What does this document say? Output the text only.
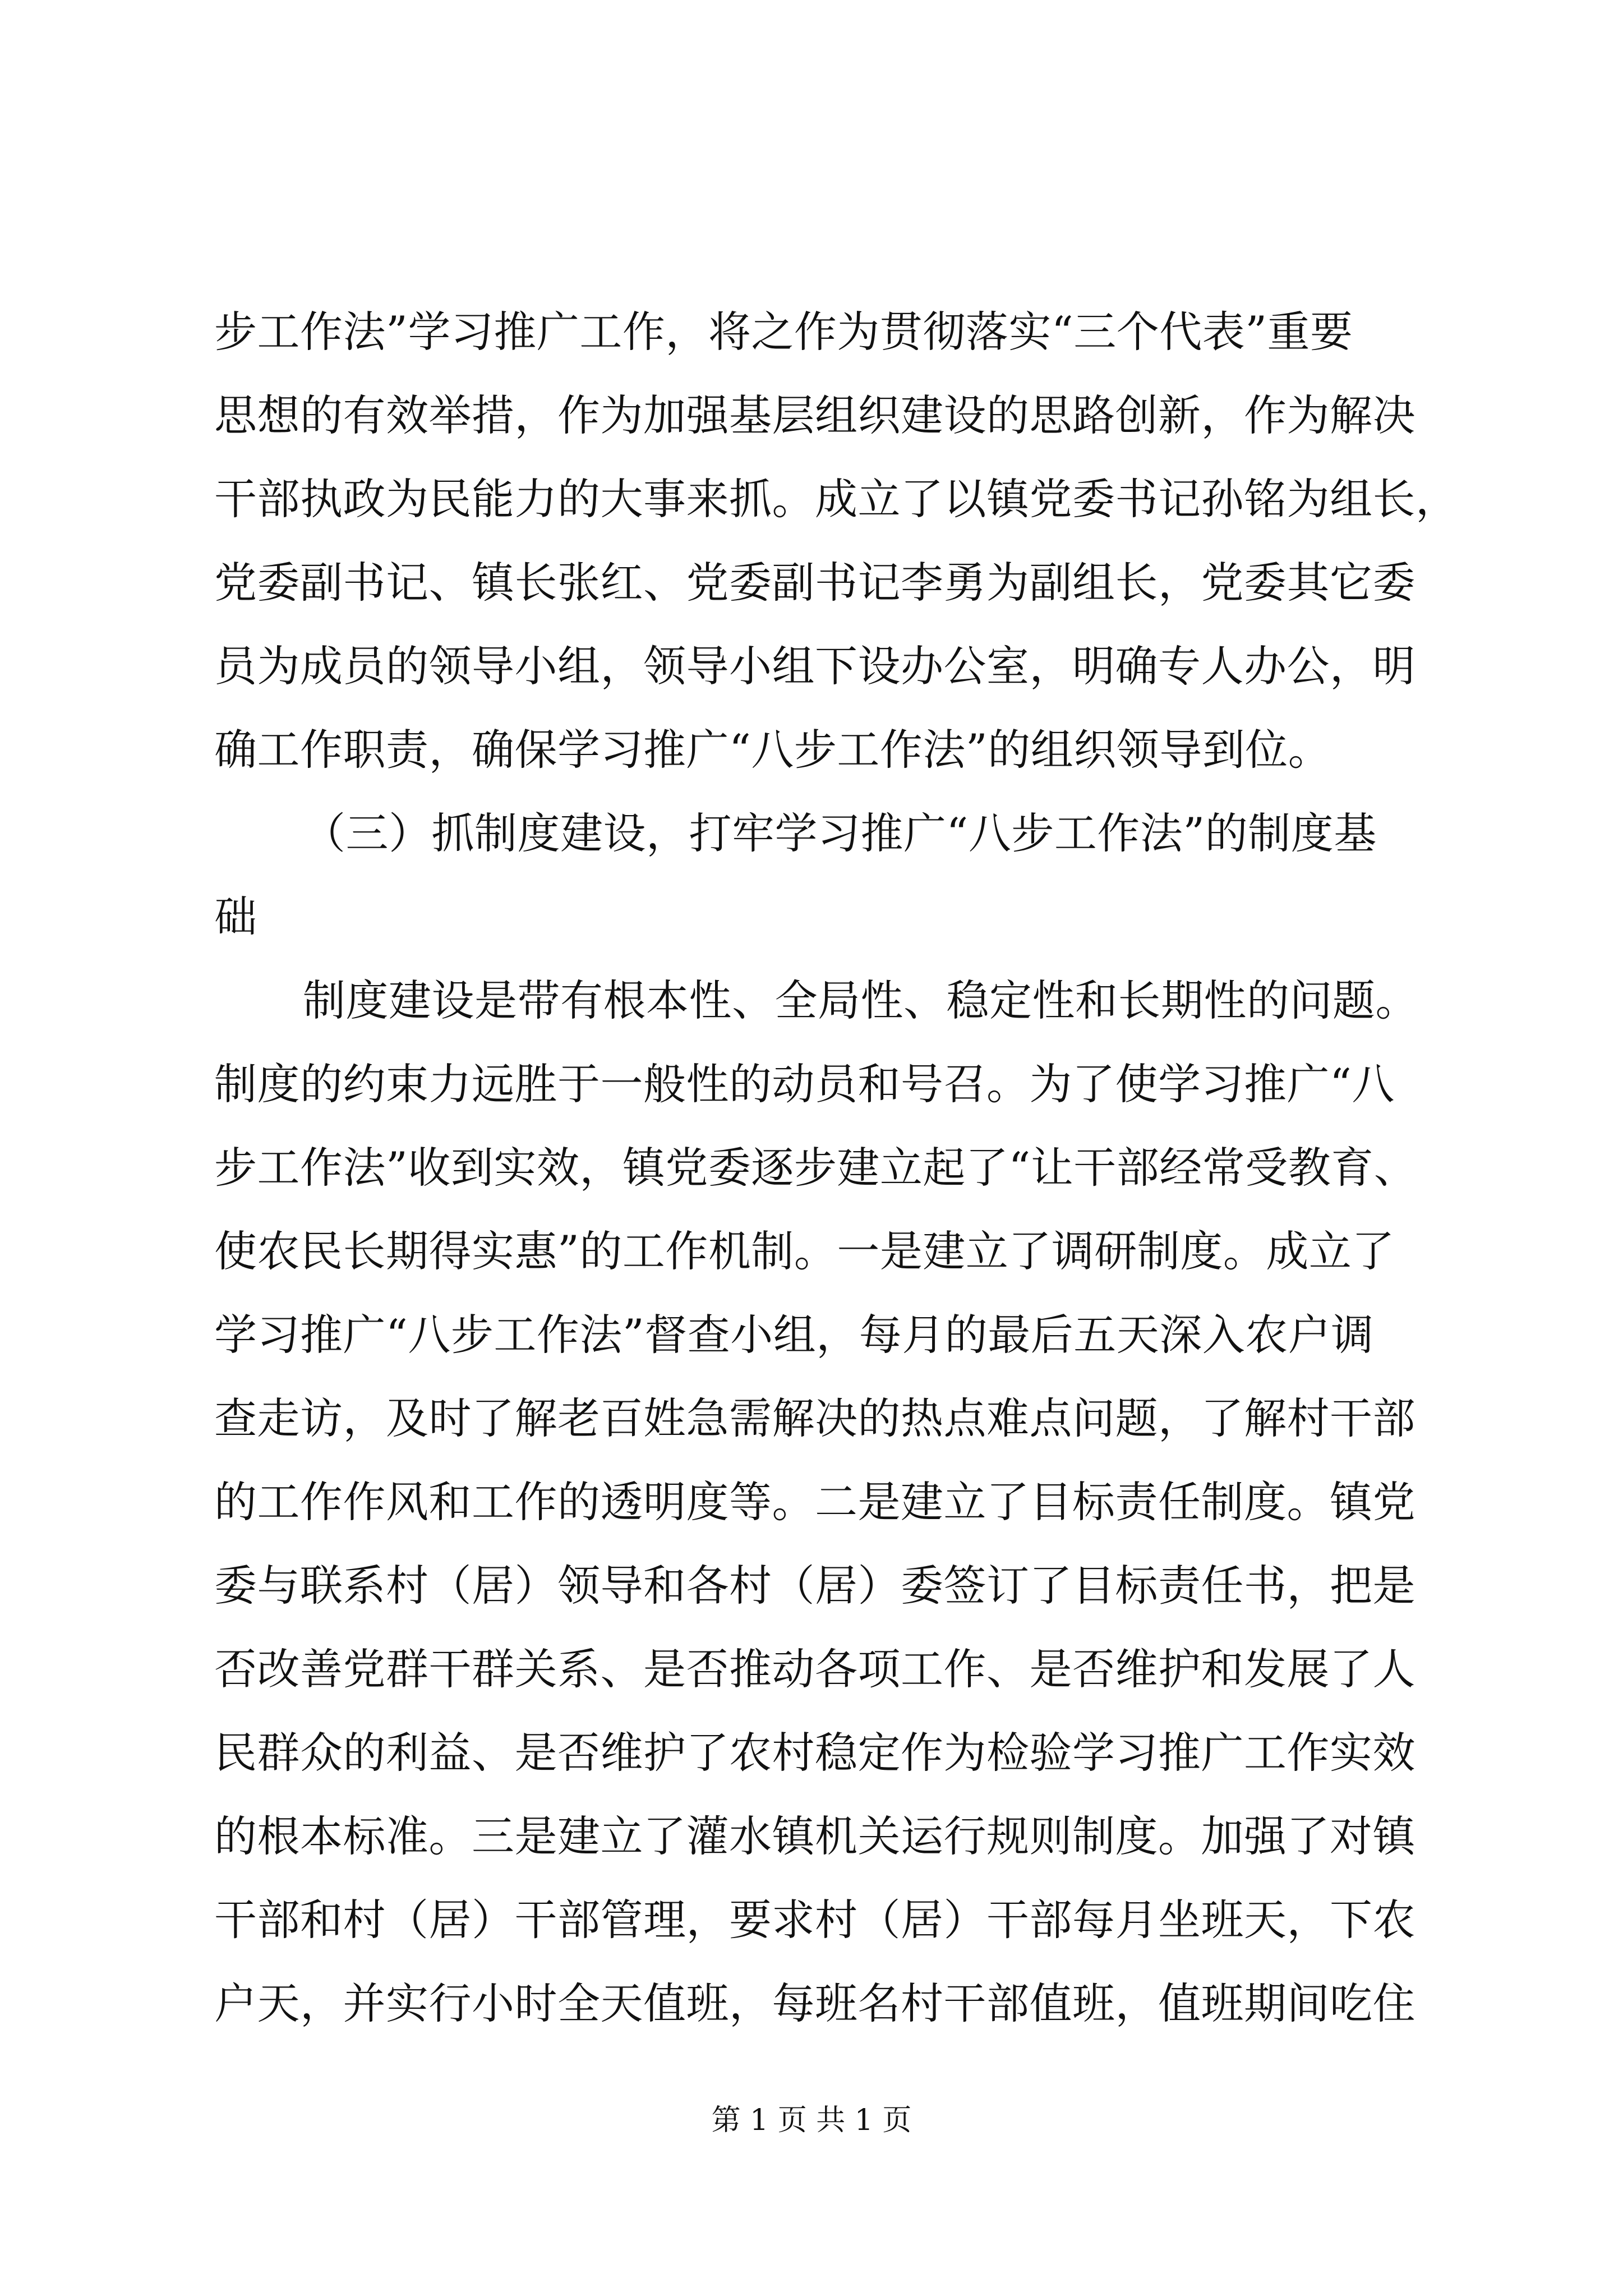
步工作法”学习推广工作，将之作为贯彻落实“三个代表”重要
思想的有效举措，作为加强基层组织建设的思路创新，作为解决
干部执政为民能力的大事来抓。成立了以镇党委书记孙铭为组长，
党委副书记、镇长张红、党委副书记李勇为副组长，党委其它委
员为成员的领导小组，领导小组下设办公室，明确专人办公，明
确工作职责，确保学习推广“八步工作法”的组织领导到位。
（三）抓制度建设，打牢学习推广“八步工作法”的制度基
础
制度建设是带有根本性、全局性、稳定性和长期性的问题。
制度的约束力远胜于一般性的动员和号召。为了使学习推广“八
步工作法”收到实效，镇党委逐步建立起了“让干部经常受教育、
使农民长期得实惠”的工作机制。一是建立了调研制度。成立了
学习推广“八步工作法”督查小组，每月的最后五天深入农户调
查走访，及时了解老百姓急需解决的热点难点问题，了解村干部
的工作作风和工作的透明度等。二是建立了目标责任制度。镇党
委与联系村（居）领导和各村（居）委签订了目标责任书，把是
否改善党群干群关系、是否推动各项工作、是否维护和发展了人
民群众的利益、是否维护了农村稳定作为检验学习推广工作实效
的根本标准。三是建立了灌水镇机关运行规则制度。加强了对镇
干部和村（居）干部管理，要求村（居）干部每月坐班天，下农
户天，并实行小时全天值班，每班名村干部值班，值班期间吃住
第 1 页 共 1 页
